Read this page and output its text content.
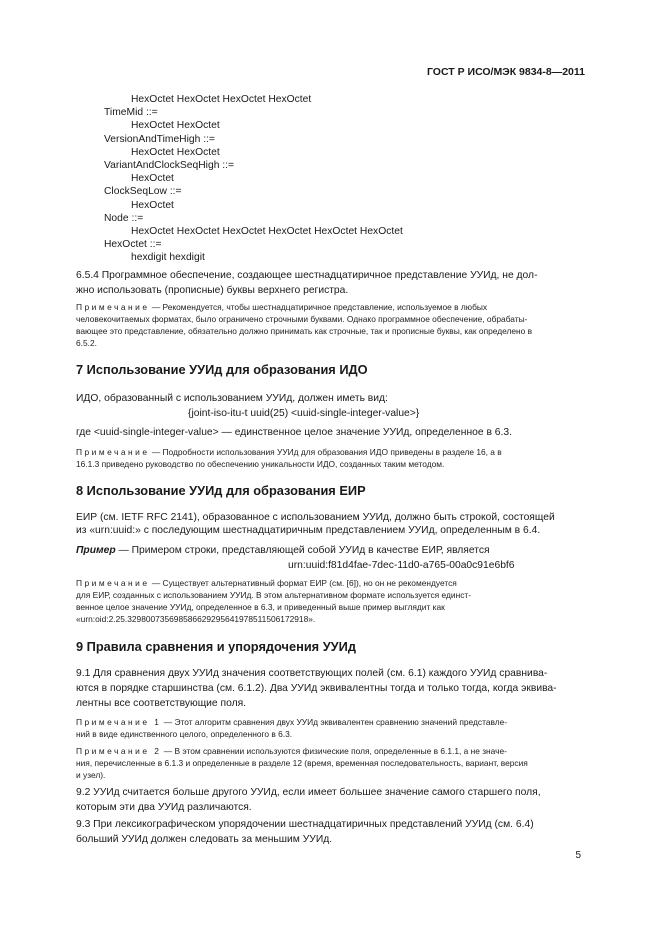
ГОСТ Р ИСО/МЭК 9834-8—2011
HexOctet HexOctet HexOctet HexOctet
TimeMid ::=
HexOctet HexOctet
VersionAndTimeHigh ::=
HexOctet HexOctet
VariantAndClockSeqHigh ::=
HexOctet
ClockSeqLow ::=
HexOctet
Node ::=
HexOctet HexOctet HexOctet HexOctet HexOctet HexOctet
HexOctet ::=
hexdigit hexdigit
6.5.4 Программное обеспечение, создающее шестнадцатиричное представление УУИд, не дол-
жно использовать (прописные) буквы верхнего регистра.
Примечание — Рекомендуется, чтобы шестнадцатиричное представление, используемое в любых
человекочитаемых форматах, было ограничено строчными буквами. Однако программное обеспечение, обрабаты-
вающее это представление, обязательно должно принимать как строчные, так и прописные буквы, как определено в
6.5.2.
7 Использование УУИд для образования ИДО
ИДО, образованный с использованием УУИд, должен иметь вид:
{joint-iso-itu-t uuid(25) <uuid-single-integer-value>}
где <uuid-single-integer-value> — единственное целое значение УУИд, определенное в 6.3.
Примечание — Подробности использования УУИд для образования ИДО приведены в разделе 16, а в
16.1.3 приведено руководство по обеспечению уникальности ИДО, созданных таким методом.
8 Использование УУИд для образования ЕИР
ЕИР (см. IETF RFC 2141), образованное с использованием УУИд, должно быть строкой, состоящей
из «urn:uuid:» с последующим шестнадцатиричным представлением УУИд, определенным в 6.4.
Пример — Примером строки, представляющей собой УУИд в качестве ЕИР, является
urn:uuid:f81d4fae-7dec-11d0-a765-00a0c91e6bf6
Примечание — Существует альтернативный формат ЕИР (см. [6]), но он не рекомендуется
для ЕИР, созданных с использованием УУИд. В этом альтернативном формате используется единст-
венное целое значение УУИд, определенное в 6.3, и приведенный выше пример выглядит как
«urn:oid:2.25.329800735698586629295641978511506172918».
9 Правила сравнения и упорядочения УУИд
9.1 Для сравнения двух УУИд значения соответствующих полей (см. 6.1) каждого УУИд сравнива-
ются в порядке старшинства (см. 6.1.2). Два УУИд эквивалентны тогда и только тогда, когда эквива-
лентны все соответствующие поля.
Примечание 1 — Этот алгоритм сравнения двух УУИд эквивалентен сравнению значений представле-
ний в виде единственного целого, определенного в 6.3.
Примечание 2 — В этом сравнении используются физические поля, определенные в 6.1.1, а не значе-
ния, перечисленные в 6.1.3 и определенные в разделе 12 (время, временная последовательность, вариант, версия
и узел).
9.2 УУИд считается больше другого УУИд, если имеет большее значение самого старшего поля,
которым эти два УУИд различаются.
9.3 При лексикографическом упорядочении шестнадцатиричных представлений УУИд (см. 6.4)
больший УУИд должен следовать за меньшим УУИд.
5
